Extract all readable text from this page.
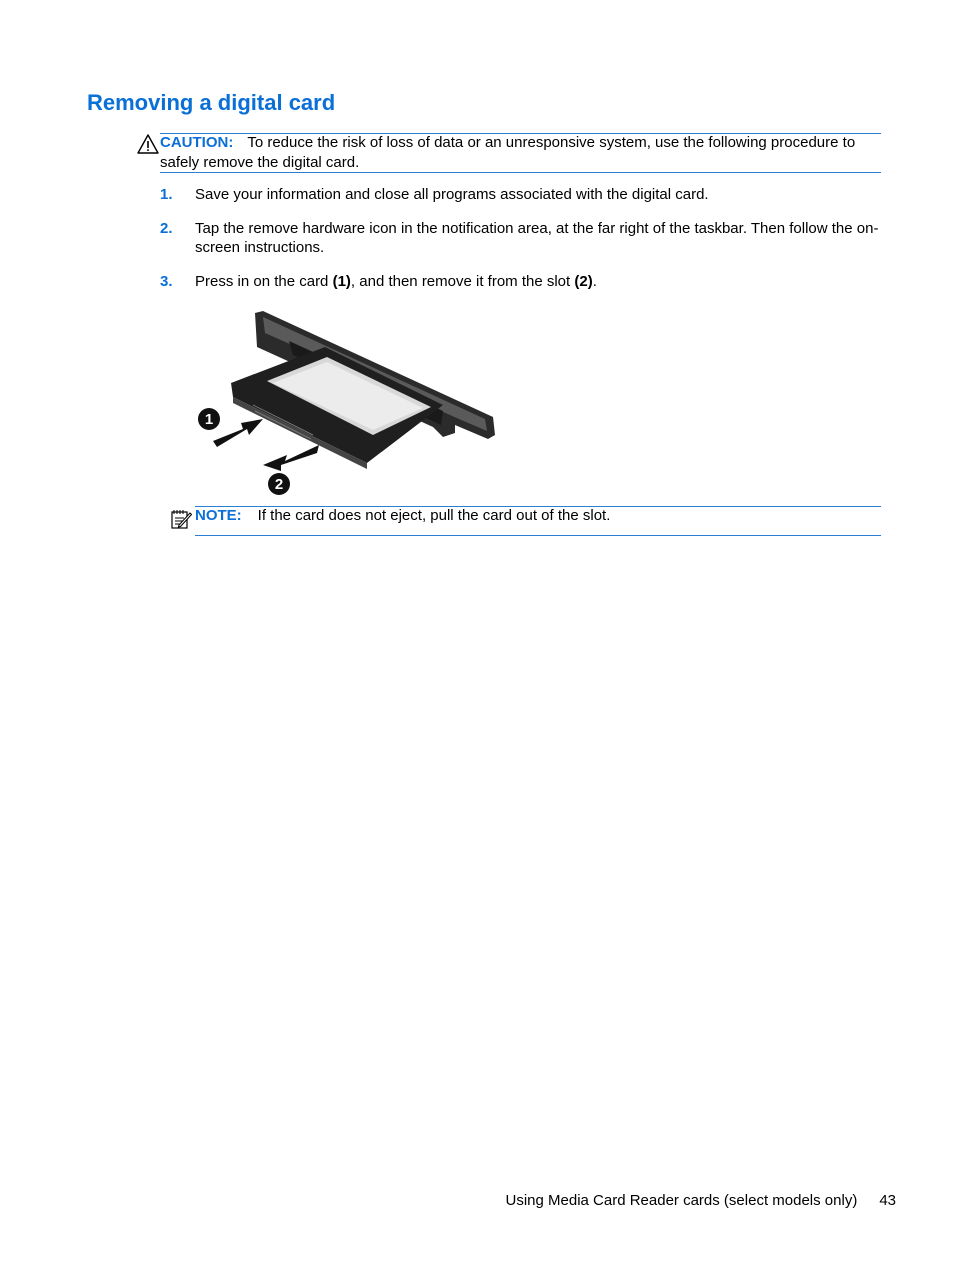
Removing a digital card
CAUTION: To reduce the risk of loss of data or an unresponsive system, use the following procedure to safely remove the digital card.
1. Save your information and close all programs associated with the digital card.
2. Tap the remove hardware icon in the notification area, at the far right of the taskbar. Then follow the on-screen instructions.
3. Press in on the card (1), and then remove it from the slot (2).
1
2
NOTE: If the card does not eject, pull the card out of the slot.
Using Media Card Reader cards (select models only) 43
